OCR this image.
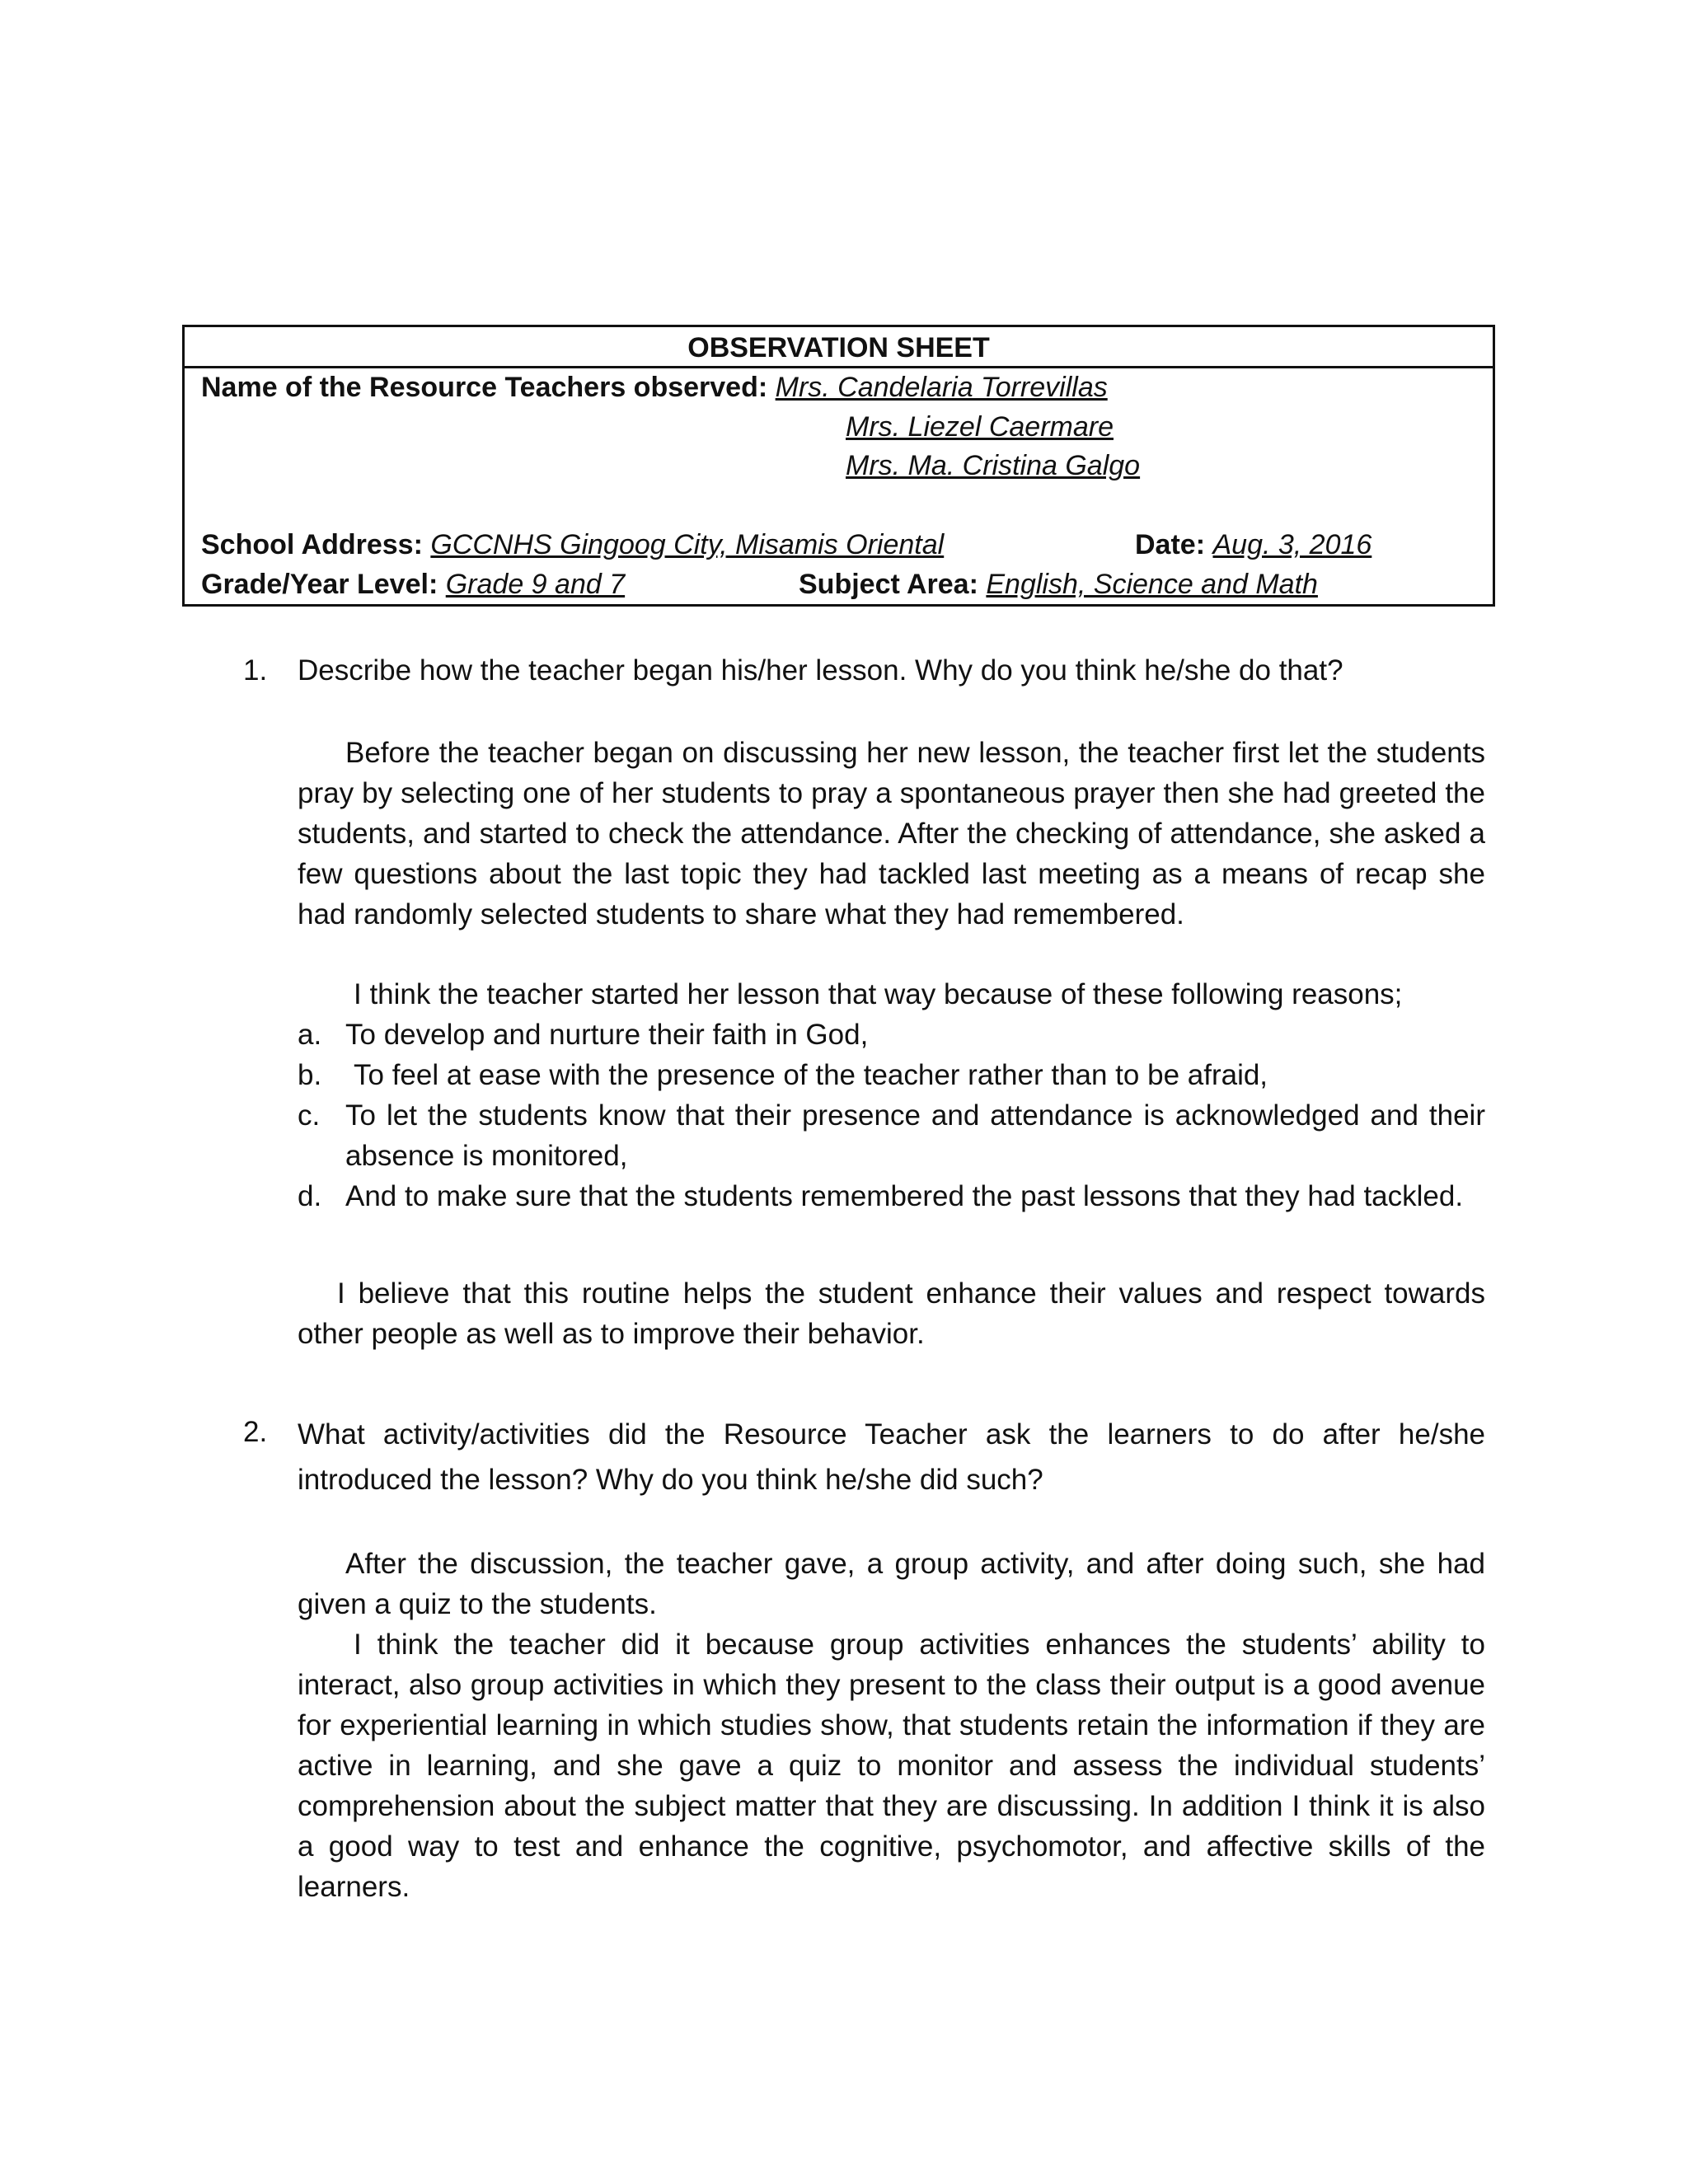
OBSERVATION SHEET
Name of the Resource Teachers observed: Mrs. Candelaria Torrevillas
Mrs. Liezel Caermare
Mrs. Ma. Cristina Galgo
School Address: GCCNHS Gingoog City, Misamis Oriental	Date: Aug. 3, 2016
Grade/Year Level: Grade 9 and 7	Subject Area: English, Science and Math
1. Describe how the teacher began his/her lesson. Why do you think he/she do that?
Before the teacher began on discussing her new lesson, the teacher first let the students pray by selecting one of her students to pray a spontaneous prayer then she had greeted the students, and started to check the attendance. After the checking of attendance, she asked a few questions about the last topic they had tackled last meeting as a means of recap she had randomly selected students to share what they had remembered.
I think the teacher started her lesson that way because of these following reasons;
a. To develop and nurture their faith in God,
b. To feel at ease with the presence of the teacher rather than to be afraid,
c. To let the students know that their presence and attendance is acknowledged and their absence is monitored,
d. And to make sure that the students remembered the past lessons that they had tackled.
I believe that this routine helps the student enhance their values and respect towards other people as well as to improve their behavior.
2. What activity/activities did the Resource Teacher ask the learners to do after he/she introduced the lesson? Why do you think he/she did such?
After the discussion, the teacher gave, a group activity, and after doing such, she had given a quiz to the students.
I think the teacher did it because group activities enhances the students’ ability to interact, also group activities in which they present to the class their output is a good avenue for experiential learning in which studies show, that students retain the information if they are active in learning, and she gave a quiz to monitor and assess the individual students’ comprehension about the subject matter that they are discussing. In addition I think it is also a good way to test and enhance the cognitive, psychomotor, and affective skills of the learners.
